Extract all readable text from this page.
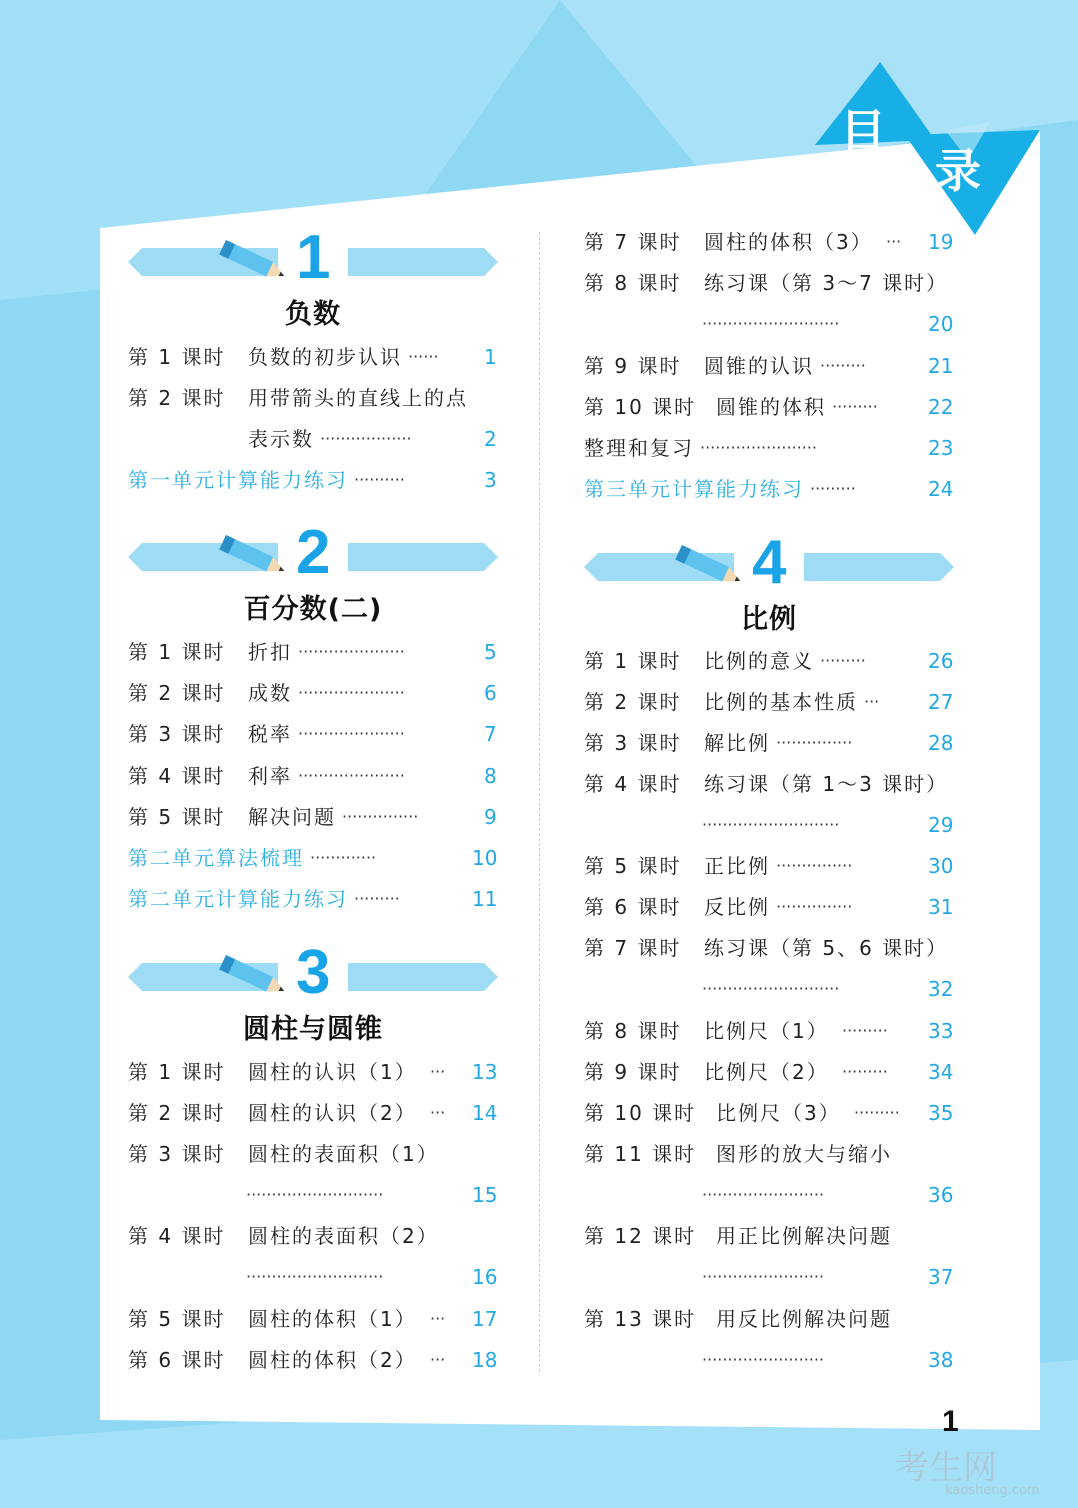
目
录
1
负数
2
百分数(二)
3
圆柱与圆锥
4
比例
第 1 课时 负数的初步认识 ······	1
第 2 课时 用带箭头的直线上的点
表示数 ··················	2
第一单元计算能力练习 ··········	3
第 1 课时 折扣 ·····················	5
第 2 课时 成数 ·····················	6
第 3 课时 税率 ·····················	7
第 4 课时 利率 ·····················	8
第 5 课时 解决问题 ···············	9
第二单元算法梳理 ·············	10
第二单元计算能力练习 ·········	11
第 1 课时 圆柱的认识（1） ···	13
第 2 课时 圆柱的认识（2） ···	14
第 3 课时 圆柱的表面积（1）
···························	15
第 4 课时 圆柱的表面积（2）
···························	16
第 5 课时 圆柱的体积（1） ···	17
第 6 课时 圆柱的体积（2） ···	18
第 7 课时 圆柱的体积（3） ···	19
第 8 课时 练习课（第 3～7 课时）
···························	20
第 9 课时 圆锥的认识 ·········	21
第 10 课时 圆锥的体积 ·········	22
整理和复习 ·······················	23
第三单元计算能力练习 ·········	24
第 1 课时 比例的意义 ·········	26
第 2 课时 比例的基本性质 ···	27
第 3 课时 解比例 ···············	28
第 4 课时 练习课（第 1～3 课时）
···························	29
第 5 课时 正比例 ···············	30
第 6 课时 反比例 ···············	31
第 7 课时 练习课（第 5、6 课时）
···························	32
第 8 课时 比例尺（1） ·········	33
第 9 课时 比例尺（2） ·········	34
第 10 课时 比例尺（3） ·········	35
第 11 课时 图形的放大与缩小
························	36
第 12 课时 用正比例解决问题
························	37
第 13 课时 用反比例解决问题
························	38
1
考生网
kaosheng.com
